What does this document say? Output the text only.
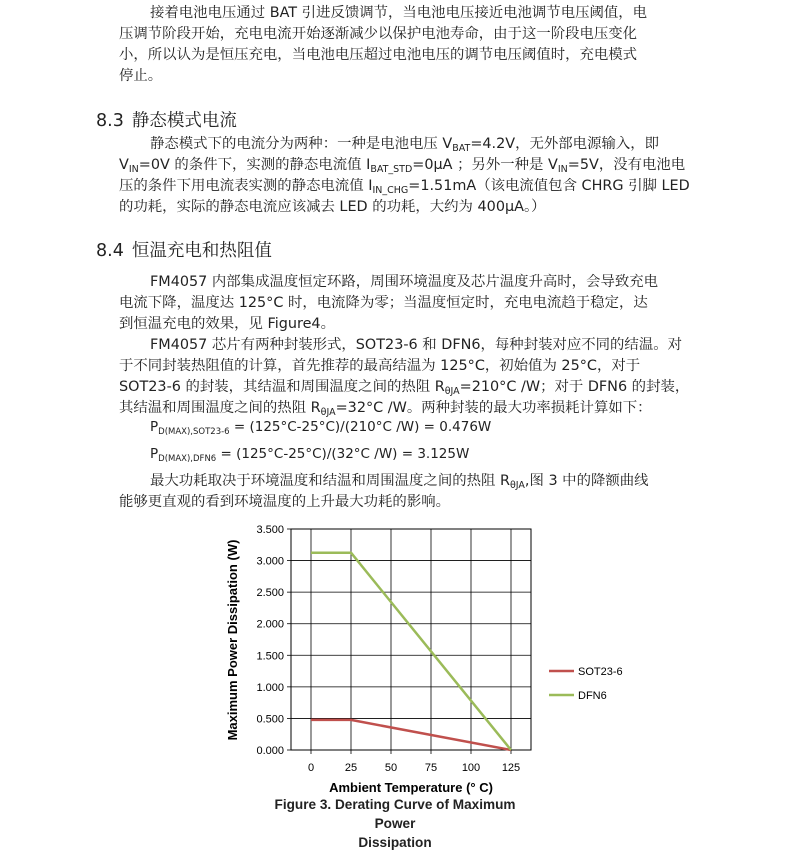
接着电池电压通过 BAT 引进反馈调节，当电池电压接近电池调节电压阈值，电
压调节阶段开始，充电电流开始逐渐减少以保护电池寿命，由于这一阶段电压变化
小，所以认为是恒压充电，当电池电压超过电池电压的调节电压阈值时，充电模式
停止。
8.3 静态模式电流
静态模式下的电流分为两种：一种是电池电压 $V_{BAT}=4.2V$，无外部电源输入，即
$V_{IN}=0V$ 的条件下，实测的静态电流值 $I_{BAT\_STD}=0\mu A$ ；另外一种是 $V_{IN}=5V$，没有电池电
压的条件下用电流表实测的静态电流值 $I_{IN\_CHG}=1.51mA$（该电流值包含 CHRG 引脚 LED
的功耗，实际的静态电流应该减去 LED 的功耗，大约为 400μA。）
8.4 恒温充电和热阻值
FM4057 内部集成温度恒定环路，周围环境温度及芯片温度升高时，会导致充电
电流下降，温度达 125°C 时，电流降为零；当温度恒定时，充电电流趋于稳定，达
到恒温充电的效果，见 Figure4。
FM4057 芯片有两种封装形式，SOT23-6 和 DFN6，每种封装对应不同的结温。对
于不同封装热阻值的计算，首先推荐的最高结温为 125°C，初始值为 25°C，对于
SOT23-6 的封装，其结温和周围温度之间的热阻 $R_{\theta JA}=210^\circ C$ /W；对于 DFN6 的封装，
其结温和周围温度之间的热阻 $R_{\theta JA}=32^\circ C$ /W。两种封装的最大功率损耗计算如下：
$P_{D(MAX),SOT23-6} = (125^\circ C-25^\circ C)/(210^\circ C$ /W) = 0.476W
$P_{D(MAX),DFN6} = (125^\circ C-25^\circ C)/(32^\circ C$ /W) = 3.125W
最大功耗取决于环境温度和结温和周围温度之间的热阻 $R_{\theta JA}$,图 3 中的降额曲线
能够更直观的看到环境温度的上升最大功耗的影响。
0.000
0.500
1.000
1.500
2.000
2.500
3.000
3.500
0	25	50	75 100 125
Ambient Temperature (° C)
Maximum Power Dissipation (W)	SOT23-6
DFN6
Figure 3. Derating Curve of Maximum Power
Dissipation
